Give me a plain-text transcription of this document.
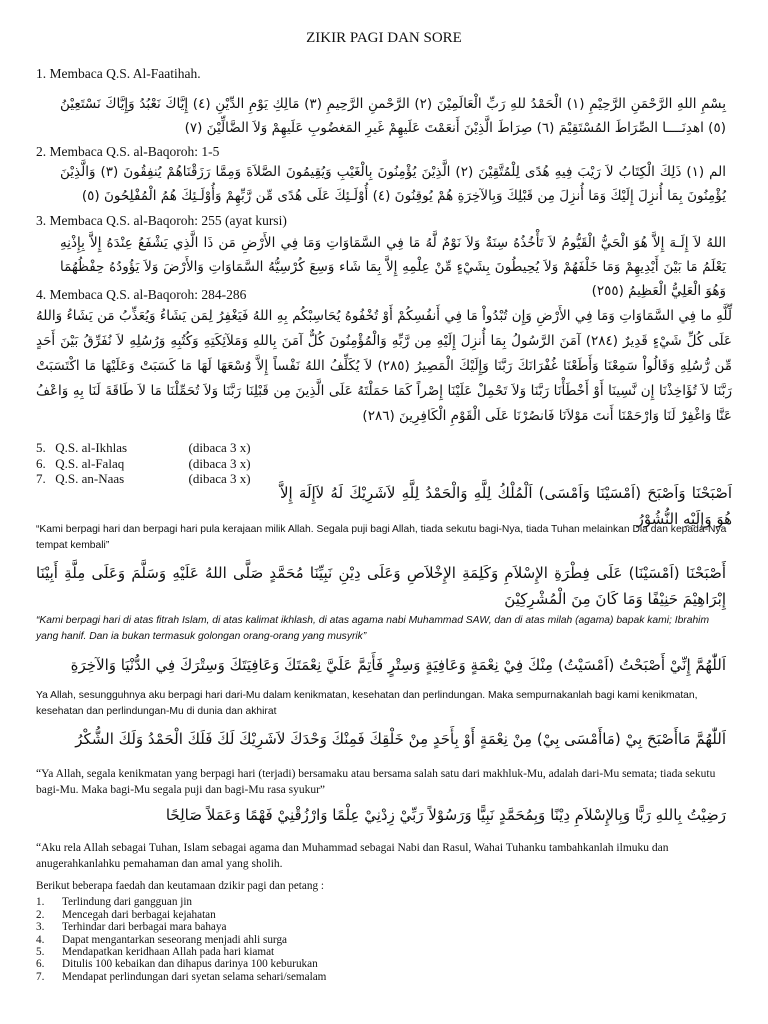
ZIKIR PAGI DAN SORE
1. Membaca Q.S. Al-Faatihah.
بِسْمِ اللهِ الرَّحْمَنِ الرَّحِيْمِ (١) الْحَمْدُ للهِ رَبِّ الْعَالَمِيْنَ (٢) الرَّحْمنِ الرَّحِيمِ (٣) مَالِكِ يَوْمِ الدِّيْنِ (٤) إِيَّاكَ نَعْبُدُ وَإِيَّاكَ نَسْتَعِيْنُ (٥) اهدِنَــــا الصِّرَاطَ المُسْتَقِيْمَ (٦) صِرَاطَ الَّذِيْنَ أَنعَمْتَ عَلَيهِمْ غَيرِ المَغضُوبِ عَلَيهِمْ وَلاَ الضَّالِّيْنَ (٧)
2. Membaca Q.S. al-Baqoroh: 1-5
الم (١) ذَلِكَ الْكِتَابُ لاَ رَيْبَ فِيهِ هُدًى لِلْمُتَّقِيْنَ (٢) الَّذِيْنَ يُؤْمِنُونَ بِالْغَيْبِ وَيُقِيمُونَ الصَّلاَةَ وَمِمَّا رَزَقْنَاهُمْ يُنفِقُونَ (٣) وَالَّذِيْنَ يُؤْمِنُونَ بِمَا أُنزِلَ إِلَيْكَ وَمَا أُنزِلَ مِن قَبْلِكَ وَبِالآخِرَةِ هُمْ يُوقِنُونَ (٤) أُوْلَـئِكَ عَلَى هُدًى مِّن رَّبِّهِمْ وَأُوْلَـئِكَ هُمُ الْمُفْلِحُونَ (٥)
3. Membaca Q.S. al-Baqoroh: 255 (ayat kursi)
اللهُ لاَ إِلَـهَ إِلاَّ هُوَ الْحَيُّ الْقَيُّومُ لاَ تَأْخُذُهُ سِنَةٌ وَلاَ نَوْمٌ لَّهُ مَا فِي السَّمَاوَاتِ وَمَا فِي الأَرْضِ مَن ذَا الَّذِي يَشْفَعُ عِنْدَهُ إِلاَّ بِإِذْنِهِ يَعْلَمُ مَا بَيْنَ أَيْدِيهِمْ وَمَا خَلْفَهُمْ وَلاَ يُحِيطُونَ بِشَيْءٍ مِّنْ عِلْمِهِ إِلاَّ بِمَا شَاء وَسِعَ كُرْسِيُّهُ السَّمَاوَاتِ وَالأَرْضَ وَلاَ يَؤُودُهُ حِفْظُهُمَا وَهُوَ الْعَلِيُّ الْعَظِيمُ (٢٥٥)
4. Membaca Q.S. al-Baqoroh: 284-286
لِّلَّهِ ما فِي السَّمَاوَاتِ وَمَا فِي الأَرْضِ وَإِن تُبْدُواْ مَا فِي أَنفُسِكُمْ أَوْ تُخْفُوهُ يُحَاسِبْكُم بِهِ اللهُ فَيَغْفِرُ لِمَن يَشَاءُ وَيُعَذِّبُ مَن يَشَاءُ وَاللهُ عَلَى كُلِّ شَيْءٍ قَدِيرٌ (٢٨٤) آمَنَ الرَّسُولُ بِمَا أُنزِلَ إِلَيْهِ مِن رَّبِّهِ وَالْمُؤْمِنُونَ كُلٌّ آمَنَ بِاللهِ وَمَلآئِكَتِهِ وَكُتُبِهِ وَرُسُلِهِ لاَ نُفَرِّقُ بَيْنَ أَحَدٍ مِّن رُّسُلِهِ وَقَالُواْ سَمِعْنَا وَأَطَعْنَا غُفْرَانَكَ رَبَّنَا وَإِلَيْكَ الْمَصِيرُ (٢٨٥) لاَ يُكَلِّفُ اللهُ نَفْساً إِلاَّ وُسْعَهَا لَهَا مَا كَسَبَتْ وَعَلَيْهَا مَا اكْتَسَبَتْ رَبَّنَا لاَ تُؤَاخِذْنَا إِن نَّسِينَا أَوْ أَخْطَأْنَا رَبَّنَا وَلاَ تَحْمِلْ عَلَيْنَا إِصْراً كَمَا حَمَلْتَهُ عَلَى الَّذِينَ مِن قَبْلِنَا رَبَّنَا وَلاَ تُحَمِّلْنَا مَا لاَ طَاقَةَ لَنَا بِهِ وَاعْفُ عَنَّا وَاغْفِرْ لَنَا وَارْحَمْنَا أَنتَ مَوْلاَنَا فَانصُرْنَا عَلَى الْقَوْمِ الْكَافِرِينَ (٢٨٦)
5. Q.S. al-Ikhlas	(dibaca 3 x)
6. Q.S. al-Falaq	(dibaca 3 x)
7. Q.S. an-Naas	(dibaca 3 x)
اَصْبَحْنَا وَاَصْبَحَ (اَمْسَيْنَا وَاَمْسَى) اَلْمُلْكُ لِلَّهِ وَالْحَمْدُ لِلَّهِ لاَشَرِيْكَ لَهُ لاَإِلَهَ إِلاَّ هُوَ وَإِلَيْهِ النُّشُوْرُ
“Kami berpagi hari dan berpagi hari pula kerajaan milik Allah. Segala puji bagi Allah, tiada sekutu bagi-Nya, tiada Tuhan melainkan Dia dan kepada-Nya tempat kembali”
أَصْبَحْنَا (اَمْسَيْنَا) عَلَى فِطْرَةِ الإِسْلاَمِ وَكَلِمَةِ الإِخْلاَصِ وَعَلَى دِيْنِ نَبِيِّنَا مُحَمَّدٍ صَلَّى اللهُ عَلَيْهِ وَسَلَّمَ وَعَلَى مِلَّةِ أَبِيْنَا إِبْرَاهِيْمَ حَنِيْفًا وَمَا كَانَ مِنَ الْمُشْرِكِيْنَ
“Kami berpagi hari di atas fitrah Islam, di atas kalimat ikhlash, di atas agama nabi Muhammad SAW, dan di atas milah (agama) bapak kami; Ibrahim yang hanif. Dan ia bukan termasuk golongan orang-orang yang musyrik”
اَللّٰهُمَّ إِنِّيْ أَصْبَحْتُ (اَمْسَيْتُ) مِنْكَ فِيْ نِعْمَةٍ وَعَافِيَةٍ وَسِتْرٍ فَأَتِمَّ عَلَيَّ نِعْمَتَكَ وَعَافِيَتَكَ وَسِتْرَكَ فِي الدُّنْيَا وَالآخِرَةِ
Ya Allah, sesungguhnya aku berpagi hari dari-Mu dalam kenikmatan, kesehatan dan perlindungan. Maka sempurnakanlah bagi kami kenikmatan, kesehatan dan perlindungan-Mu di dunia dan akhirat
اَللّٰهُمَّ مَاأَصْبَحَ بِيْ (مَاأَمْسَى بِيْ) مِنْ نِعْمَةٍ أَوْ بِأَحَدٍ مِنْ خَلْقِكَ فَمِنْكَ وَحْدَكَ لاَشَرِيْكَ لَكَ فَلَكَ الْحَمْدُ وَلَكَ الشُّكْرُ
“Ya Allah, segala kenikmatan yang berpagi hari (terjadi) bersamaku atau bersama salah satu dari makhluk-Mu, adalah dari-Mu semata; tiada sekutu bagi-Mu. Maka bagi-Mu segala puji dan bagi-Mu rasa syukur”
رَضِيْتُ بِاللهِ رَبًّا وَبِالإِسْلاَمِ دِيْنًا وَبِمُحَمَّدٍ نَبِيًّا وَرَسُوْلاً رَبِّيْ زِدْنِيْ عِلْمًا وَارْزُقْنِيْ فَهْمًا وَعَمَلاً صَالِحًا
“Aku rela Allah sebagai Tuhan, Islam sebagai agama dan Muhammad sebagai Nabi dan Rasul, Wahai Tuhanku tambahkanlah ilmuku dan anugerahkanlahku pemahaman dan amal yang sholih.
Berikut beberapa faedah dan keutamaan dzikir pagi dan petang :
1. Terlindung dari gangguan jin
2. Mencegah dari berbagai kejahatan
3. Terhindar dari berbagai mara bahaya
4. Dapat mengantarkan seseorang menjadi ahli surga
5. Mendapatkan keridhaan Allah pada hari kiamat
6. Ditulis 100 kebaikan dan dihapus darinya 100 keburukan
7. Mendapat perlindungan dari syetan selama sehari/semalam
